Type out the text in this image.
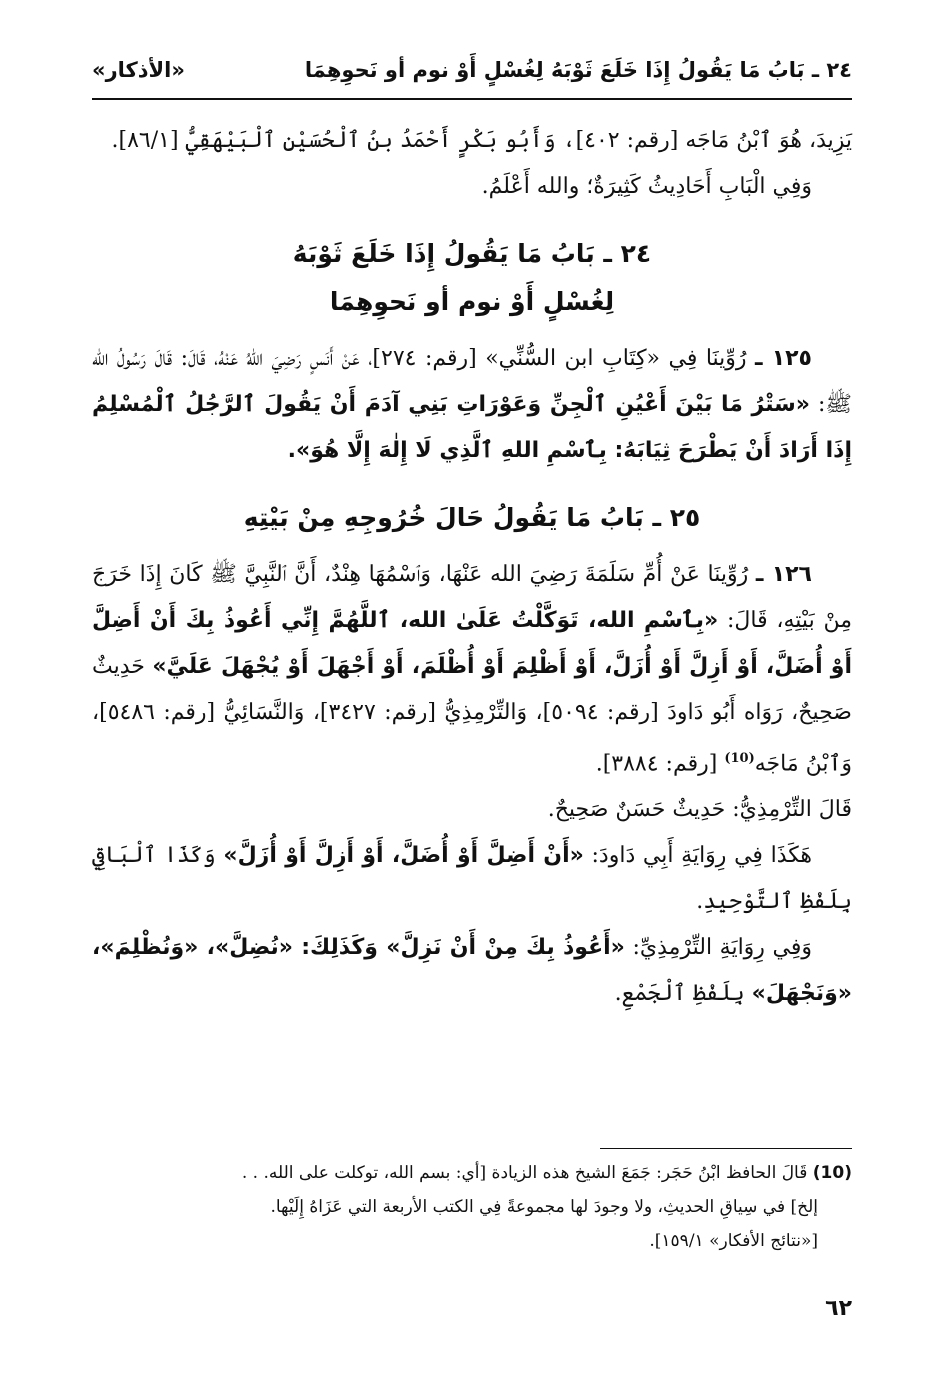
٢٤ ـ بَابُ مَا يَقُولُ إِذَا خَلَعَ ثَوْبَهُ لِغُسْلٍ أَوْ نوم أو نَحوِهِمَا
«الأذكار»

يَزِيدَ، هُوَ ٱبْنُ مَاجَه [رقم: ٤٠٢]، وَأَبُو بَكْرٍ أَحْمَدُ بنُ ٱلْحُسَيْنِ ٱلْبَيْهَقِيُّ [٨٦/١].

وَفِي الْبَابِ أَحَادِيثُ كَثِيرَةٌ؛ والله أَعْلَمُ.

٢٤ ـ بَابُ مَا يَقُولُ إِذَا خَلَعَ ثَوْبَهُ
لِغُسْلٍ أَوْ نوم أو نَحوِهِمَا

١٢٥ ـ رُوِّينَا فِي «كِتَابِ ابن السُّنِّي» [رقم: ٢٧٤]، عَنْ أَنَسٍ رَضِيَ اللهُ عَنْهُ، قَالَ: قَالَ رَسُولُ الله ﷺ: «سَتْرُ مَا بَيْنَ أَعْيُنِ ٱلْجِنِّ وَعَوْرَاتِ بَنِي آدَمَ أَنْ يَقُولَ ٱلرَّجُلُ ٱلْمُسْلِمُ إِذَا أَرَادَ أَنْ يَطْرَحَ ثِيَابَهُ: بِٱسْمِ اللهِ ٱلَّذِي لَا إِلٰهَ إِلَّا هُوَ».

٢٥ ـ بَابُ مَا يَقُولُ حَالَ خُرُوجِهِ مِنْ بَيْتِهِ

١٢٦ ـ رُوِّينَا عَنْ أُمِّ سَلَمَةَ رَضِيَ الله عَنْهَا، وَٱسْمُهَا هِنْدٌ، أَنَّ ٱلنَّبِيَّ ﷺ كَانَ إِذَا خَرَجَ مِنْ بَيْتِهِ، قَالَ: «بِٱسْمِ الله، تَوَكَّلْتُ عَلَىٰ الله، ٱللَّهُمَّ إِنِّي أَعُوذُ بِكَ أَنْ أَضِلَّ أَوْ أُضَلَّ، أَوْ أَزِلَّ أَوْ أُزَلَّ، أَوْ أَظْلِمَ أَوْ أُظْلَمَ، أَوْ أَجْهَلَ أَوْ يُجْهَلَ عَلَيَّ» حَدِيثٌ صَحِيحٌ، رَوَاه أَبُو دَاودَ [رقم: ٥٠٩٤]، وَالتِّرْمِذِيُّ [رقم: ٣٤٢٧]، وَالنَّسَائِيُّ [رقم: ٥٤٨٦]، وَٱبْنُ مَاجَه$^{(10)}$ [رقم: ٣٨٨٤].

قَالَ التِّرْمِذِيُّ: حَدِيثٌ حَسَنٌ صَحِيحٌ.

هَكَذَا فِي رِوَايَةِ أَبِي دَاودَ: «أَنْ أَضِلَّ أَوْ أُضَلَّ، أَوْ أَزِلَّ أَوْ أُزَلَّ» وَكَذَا ٱلْبَاقِي بِلَفْظِ ٱلتَّوْحِيدِ.

وَفِي رِوَايَةِ التِّرْمِذِيِّ: «أَعُوذُ بِكَ مِنْ أَنْ نَزِلَّ» وَكَذَلِكَ: «نُضِلَّ»، «وَنُظْلِمَ»، «وَنَجْهَلَ» بِلَفْظِ ٱلْجَمْعِ.

(10) قَالَ الحافظ ابْنُ حَجَر: جَمَعَ الشيخ هذه الزيادة [أي: بسم الله، توكلت على الله. . .

إلخ] في سِياقِ الحديثِ، ولا وجودَ لها مجموعةً فِي الكتب الأربعة التي عَزَاهُ إِلَيْها.

[«نتائج الأفكار» ١٥٩/١].

٦٢
